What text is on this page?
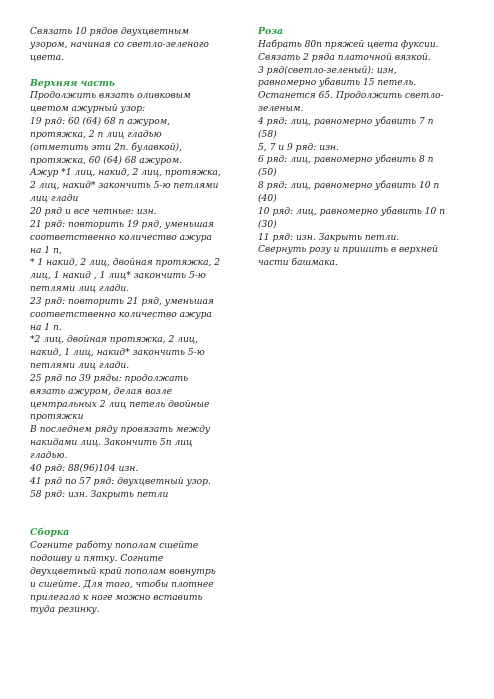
Связать 10 рядов двухцветным
узором, начиная со светло-зеленого
цвета.
Верхняя часть
Продолжить вязать оливковым
цветом ажурный узор:
19 ряд: 60 (64) 68 п ажуром,
протяжка, 2 п лиц гладью
(отметить эти 2п. булавкой),
протяжка, 60 (64) 68 ажуром.
Ажур *1 лиц, накид, 2 лиц, протяжка,
2 лиц, накид* закончить 5-ю петлями
лиц глади
20 ряд и все четные: изн.
21 ряд: повторить 19 ряд, уменьшая
соответственно количество ажура
на 1 п,
* 1 накид, 2 лиц, двойная протяжка, 2
лиц, 1 накид , 1 лиц* закончить 5-ю
петлями лиц глади.
23 ряд: повторить 21 ряд, уменьшая
соответственно количество ажура
на 1 п.
*2 лиц, двойная протяжка, 2 лиц,
накид, 1 лиц, накид* закончить 5-ю
петлями лиц глади.
25 ряд по 39 ряды: продолжать
вязать ажуром, делая возле
центральных 2 лиц петель двойные
протяжки
В последнем ряду провязать между
накидами лиц. Закончить 5п лиц
гладью.
40 ряд: 88(96)104 изн.
41 ряд по 57 ряд: двухцветный узор.
58 ряд: изн. Закрыть петли
Сборка
Согните работу пополам сшейте
подошву и пятку. Согните
двухцветный край пополам вовнутрь
и сшейте. Для того, чтобы плотнее
прилегало к ноге можно вставить
туда резинку.
Роза
Набрать 80п пряжей цвета фуксии.
Связать 2 ряда платочной вязкой.
3 ряд(светло-зеленый): изн,
равномерно убавить 15 петель.
Останется 65. Продолжить светло-
зеленым.
4 ряд: лиц, равномерно убавить 7 п
(58)
5, 7 и 9 ряд: изн.
6 ряд: лиц, равномерно убавить 8 п
(50)
8 ряд: лиц, равномерно убавить 10 п
(40)
10 ряд: лиц, равномерно убавить 10 п
(30)
11 ряд: изн. Закрыть петли.
Свернуть розу и пришить в верхней
части башмака.
